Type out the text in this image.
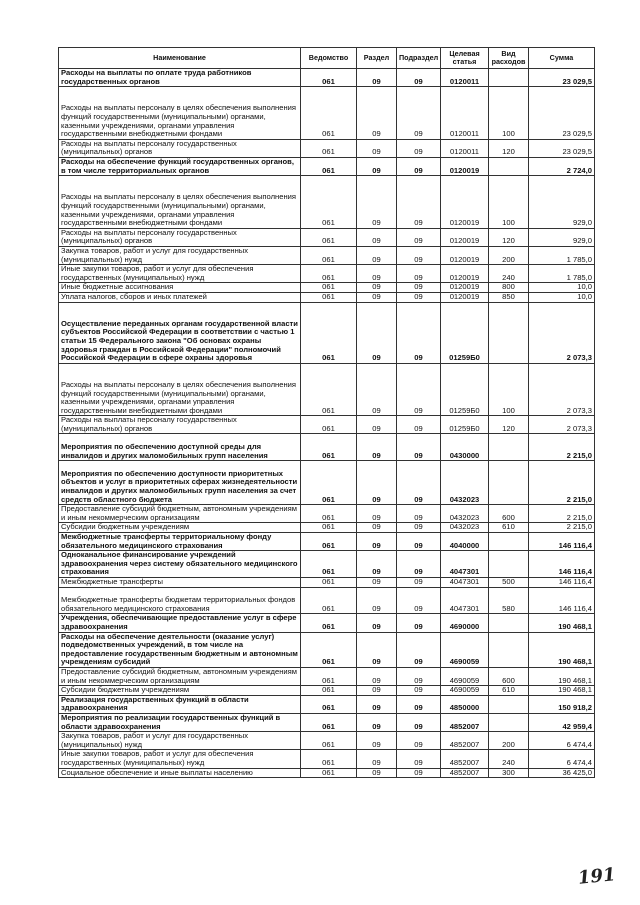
Наименование	Ведомство	Раздел	Подраздел	Целевая статья	Вид расходов	Сумма
Расходы на выплаты по оплате труда работников государственных органов	061	09	09	0120011		23 029,5
Расходы на выплаты персоналу в целях обеспечения выполнения функций государственными (муниципальными) органами, казенными учреждениями, органами управления государственными внебюджетными фондами	061	09	09	0120011	100	23 029,5
Расходы на выплаты персоналу государственных (муниципальных) органов	061	09	09	0120011	120	23 029,5
Расходы на обеспечение функций государственных органов, в том числе территориальных органов	061	09	09	0120019		2 724,0
Расходы на выплаты персоналу в целях обеспечения выполнения функций государственными (муниципальными) органами, казенными учреждениями, органами управления государственными внебюджетными фондами	061	09	09	0120019	100	929,0
Расходы на выплаты персоналу государственных (муниципальных) органов	061	09	09	0120019	120	929,0
Закупка товаров, работ и услуг для государственных (муниципальных) нужд	061	09	09	0120019	200	1 785,0
Иные закупки товаров, работ и услуг для обеспечения государственных (муниципальных) нужд	061	09	09	0120019	240	1 785,0
Иные бюджетные ассигнования	061	09	09	0120019	800	10,0
Уплата налогов, сборов и иных платежей	061	09	09	0120019	850	10,0
Осуществление переданных органам государственной власти субъектов Российской Федерации в соответствии с частью 1 статьи 15 Федерального закона "Об основах охраны здоровья граждан в Российской Федерации" полномочий Российской Федерации в сфере охраны здоровья	061	09	09	01259Б0		2 073,3
Расходы на выплаты персоналу в целях обеспечения выполнения функций государственными (муниципальными) органами, казенными учреждениями, органами управления государственными внебюджетными фондами	061	09	09	01259Б0	100	2 073,3
Расходы на выплаты персоналу государственных (муниципальных) органов	061	09	09	01259Б0	120	2 073,3
Мероприятия по обеспечению доступной среды для инвалидов и других маломобильных групп населения	061	09	09	0430000		2 215,0
Мероприятия по обеспечению доступности приоритетных объектов и услуг в приоритетных сферах жизнедеятельности инвалидов и других маломобильных групп населения за счет средств областного бюджета	061	09	09	0432023		2 215,0
Предоставление субсидий бюджетным, автономным учреждениям и иным некоммерческим организациям	061	09	09	0432023	600	2 215,0
Субсидии бюджетным учреждениям	061	09	09	0432023	610	2 215,0
Межбюджетные трансферты территориальному фонду обязательного медицинского страхования	061	09	09	4040000		146 116,4
Одноканальное финансирование учреждений здравоохранения через систему обязательного медицинского страхования	061	09	09	4047301		146 116,4
Межбюджетные трансферты	061	09	09	4047301	500	146 116,4
Межбюджетные трансферты бюджетам территориальных фондов обязательного медицинского страхования	061	09	09	4047301	580	146 116,4
Учреждения, обеспечивающие предоставление услуг в сфере здравоохранения	061	09	09	4690000		190 468,1
Расходы на обеспечение деятельности (оказание услуг) подведомственных учреждений, в том числе на предоставление государственным бюджетным и автономным учреждениям субсидий	061	09	09	4690059		190 468,1
Предоставление субсидий бюджетным, автономным учреждениям и иным некоммерческим организациям	061	09	09	4690059	600	190 468,1
Субсидии бюджетным учреждениям	061	09	09	4690059	610	190 468,1
Реализация государственных функций в области здравоохранения	061	09	09	4850000		150 918,2
Мероприятия по реализации государственных функций в области здравоохранения	061	09	09	4852007		42 959,4
Закупка товаров, работ и услуг для государственных (муниципальных) нужд	061	09	09	4852007	200	6 474,4
Иные закупки товаров, работ и услуг для обеспечения государственных (муниципальных) нужд	061	09	09	4852007	240	6 474,4
Социальное обеспечение и иные выплаты населению	061	09	09	4852007	300	36 425,0
191
